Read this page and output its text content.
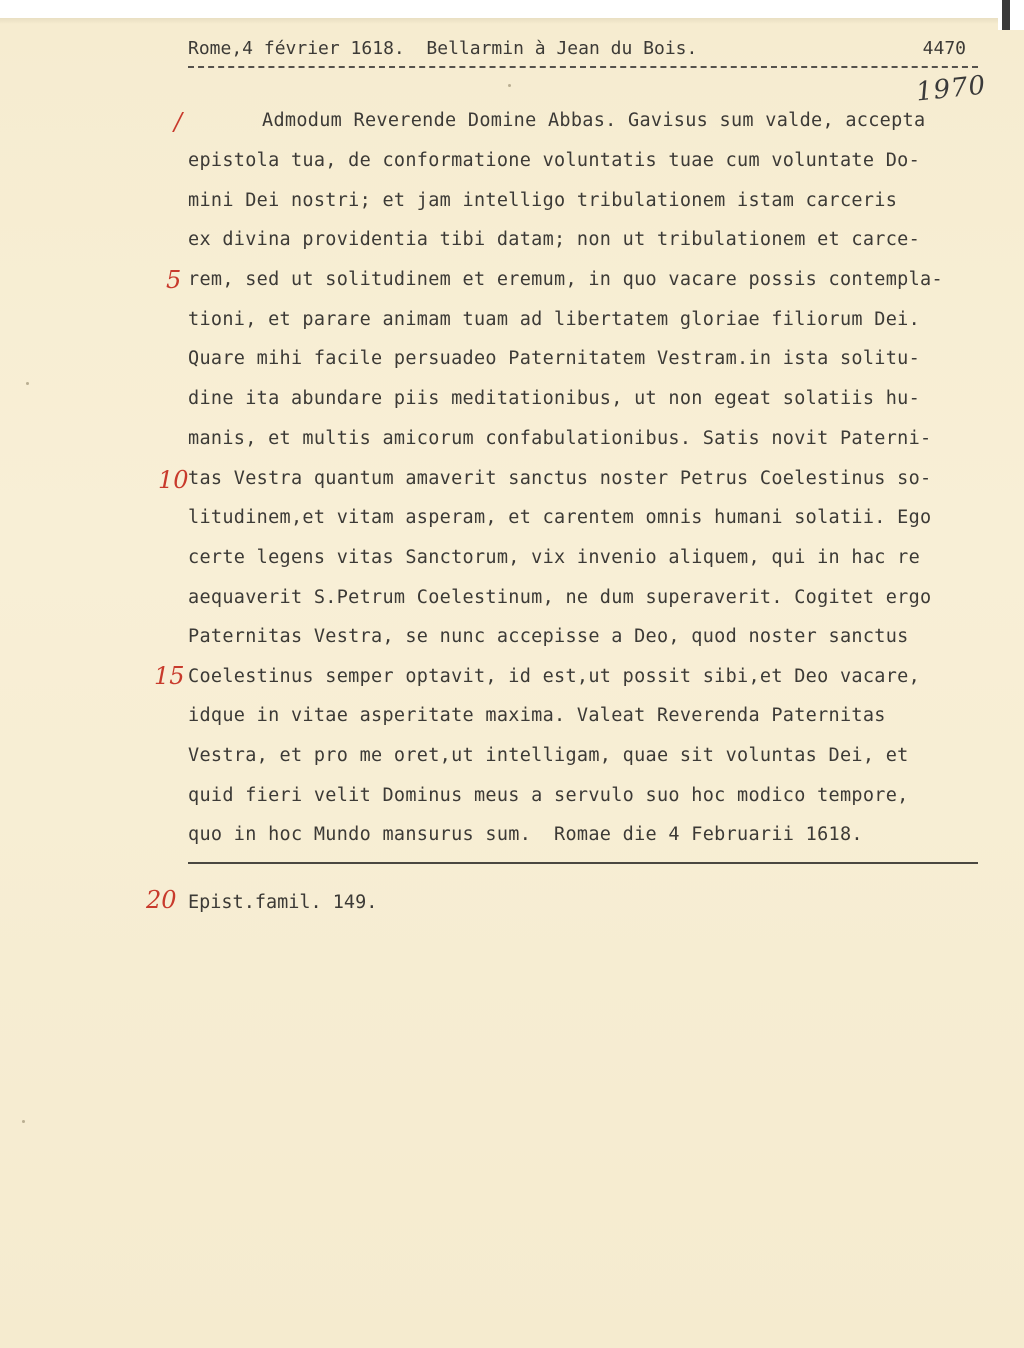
Rome,4 février 1618.  Bellarmin à Jean du Bois.

	4470

1970
/
5
10
15
20
Admodum Reverende Domine Abbas. Gavisus sum valde, accepta
epistola tua, de conformatione voluntatis tuae cum voluntate Do-
mini Dei nostri; et jam intelligo tribulationem istam carceris
ex divina providentia tibi datam; non ut tribulationem et carce-
rem, sed ut solitudinem et eremum, in quo vacare possis contempla-
tioni, et parare animam tuam ad libertatem gloriae filiorum Dei.
Quare mihi facile persuadeo Paternitatem Vestram.in ista solitu-
dine ita abundare piis meditationibus, ut non egeat solatiis hu-
manis, et multis amicorum confabulationibus. Satis novit Paterni-
tas Vestra quantum amaverit sanctus noster Petrus Coelestinus so-
litudinem,et vitam asperam, et carentem omnis humani solatii. Ego
certe legens vitas Sanctorum, vix invenio aliquem, qui in hac re
aequaverit S.Petrum Coelestinum, ne dum superaverit. Cogitet ergo
Paternitas Vestra, se nunc accepisse a Deo, quod noster sanctus
Coelestinus semper optavit, id est,ut possit sibi,et Deo vacare,
idque in vitae asperitate maxima. Valeat Reverenda Paternitas
Vestra, et pro me oret,ut intelligam, quae sit voluntas Dei, et
quid fieri velit Dominus meus a servulo suo hoc modico tempore,
quo in hoc Mundo mansurus sum.  Romae die 4 Februarii 1618.
Epist.famil. 149.
